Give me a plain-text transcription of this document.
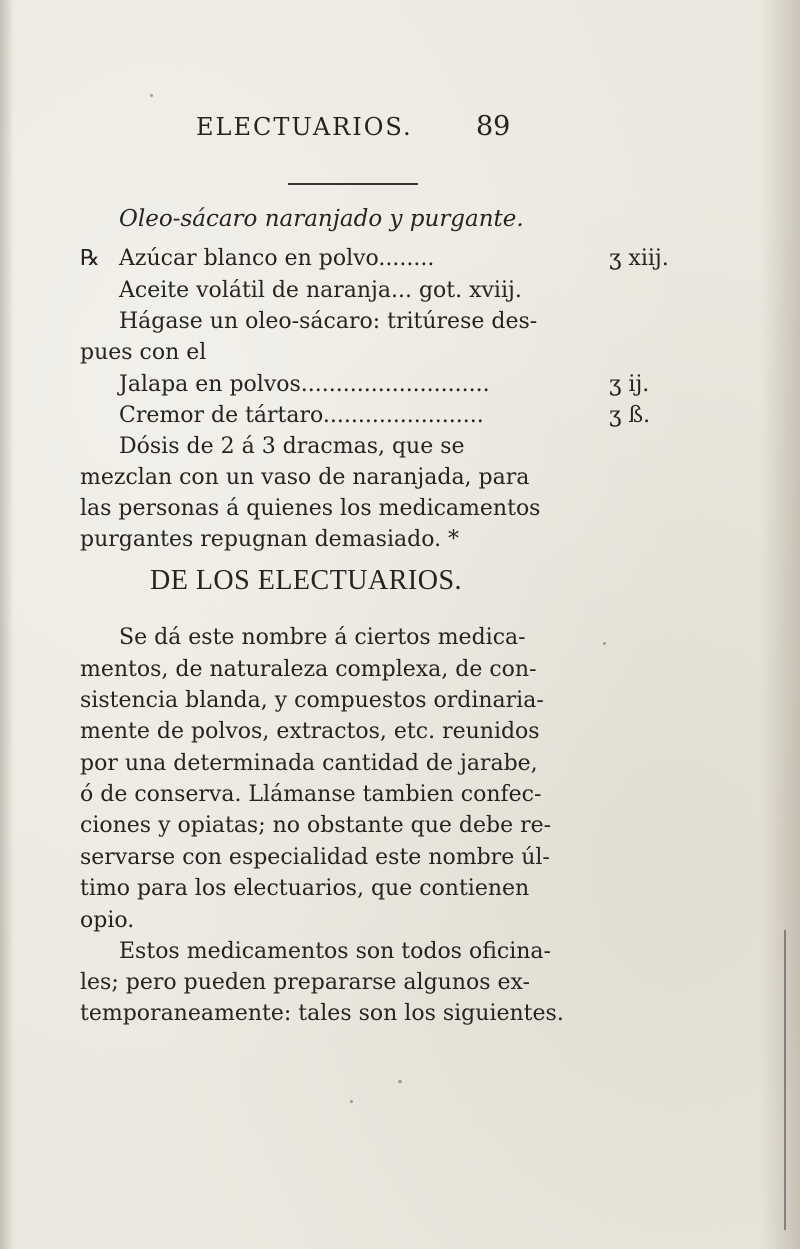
ELECTUARIOS. 89
Oleo-sácaro naranjado y purgante.
℞ Azúcar blanco en polvo........	ʒ xiij.
Aceite volátil de naranja... got. xviij.
Hágase un oleo-sácaro: tritúrese des-
pues con el
Jalapa en polvos...........................	ʒ ij.
Cremor de tártaro.......................	ʒ ß.
Dósis de 2 á 3 dracmas, que se
mezclan con un vaso de naranjada, para
las personas á quienes los medicamentos
purgantes repugnan demasiado. *
DE LOS ELECTUARIOS.
Se dá este nombre á ciertos medica-
mentos, de naturaleza complexa, de con-
sistencia blanda, y compuestos ordinaria-
mente de polvos, extractos, etc. reunidos
por una determinada cantidad de jarabe,
ó de conserva. Llámanse tambien confec-
ciones y opiatas; no obstante que debe re-
servarse con especialidad este nombre úl-
timo para los electuarios, que contienen
opio.
Estos medicamentos son todos oficina-
les; pero pueden prepararse algunos ex-
temporaneamente: tales son los siguientes.
